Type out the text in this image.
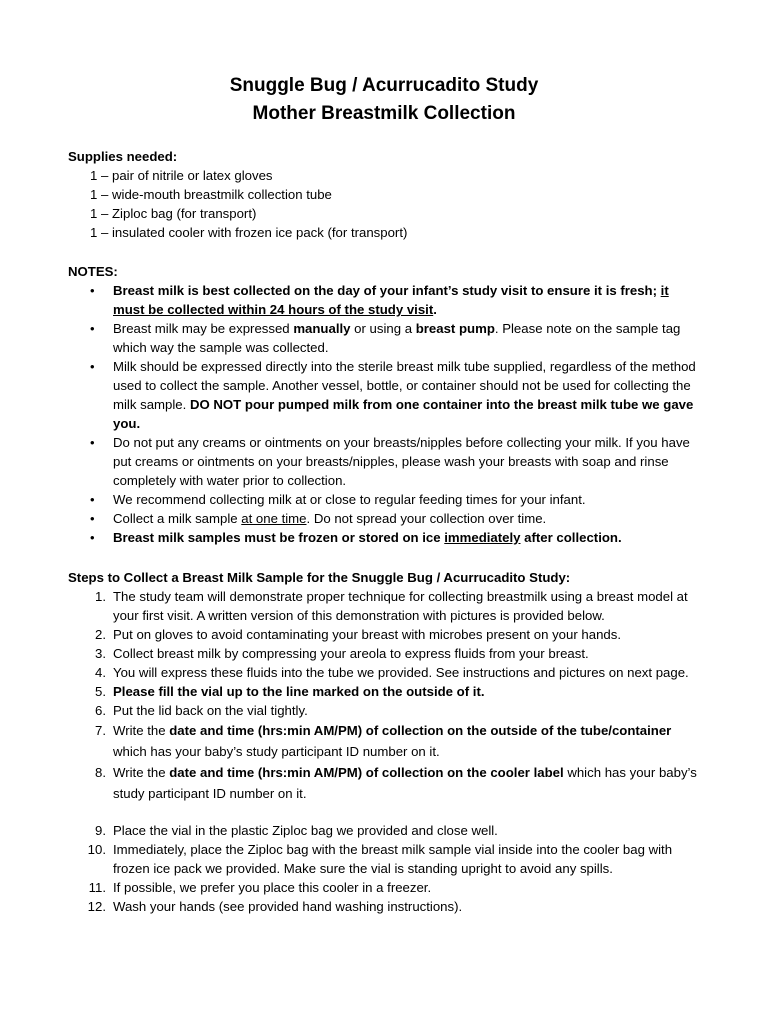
Snuggle Bug / Acurrucadito Study
Mother Breastmilk Collection
Supplies needed:
1 – pair of nitrile or latex gloves
1 – wide-mouth breastmilk collection tube
1 – Ziploc bag (for transport)
1 – insulated cooler with frozen ice pack (for transport)
NOTES:
• Breast milk is best collected on the day of your infant’s study visit to ensure it is fresh; it must be collected within 24 hours of the study visit.
• Breast milk may be expressed manually or using a breast pump. Please note on the sample tag which way the sample was collected.
• Milk should be expressed directly into the sterile breast milk tube supplied, regardless of the method used to collect the sample. Another vessel, bottle, or container should not be used for collecting the milk sample. DO NOT pour pumped milk from one container into the breast milk tube we gave you.
• Do not put any creams or ointments on your breasts/nipples before collecting your milk. If you have put creams or ointments on your breasts/nipples, please wash your breasts with soap and rinse completely with water prior to collection.
• We recommend collecting milk at or close to regular feeding times for your infant.
• Collect a milk sample at one time. Do not spread your collection over time.
• Breast milk samples must be frozen or stored on ice immediately after collection.
Steps to Collect a Breast Milk Sample for the Snuggle Bug / Acurrucadito Study:
1. The study team will demonstrate proper technique for collecting breastmilk using a breast model at your first visit. A written version of this demonstration with pictures is provided below.
2. Put on gloves to avoid contaminating your breast with microbes present on your hands.
3. Collect breast milk by compressing your areola to express fluids from your breast.
4. You will express these fluids into the tube we provided. See instructions and pictures on next page.
5. Please fill the vial up to the line marked on the outside of it.
6. Put the lid back on the vial tightly.
7. Write the date and time (hrs:min AM/PM) of collection on the outside of the tube/container which has your baby’s study participant ID number on it.
8. Write the date and time (hrs:min AM/PM) of collection on the cooler label which has your baby’s study participant ID number on it.
9. Place the vial in the plastic Ziploc bag we provided and close well.
10. Immediately, place the Ziploc bag with the breast milk sample vial inside into the cooler bag with frozen ice pack we provided. Make sure the vial is standing upright to avoid any spills.
11. If possible, we prefer you place this cooler in a freezer.
12. Wash your hands (see provided hand washing instructions).
